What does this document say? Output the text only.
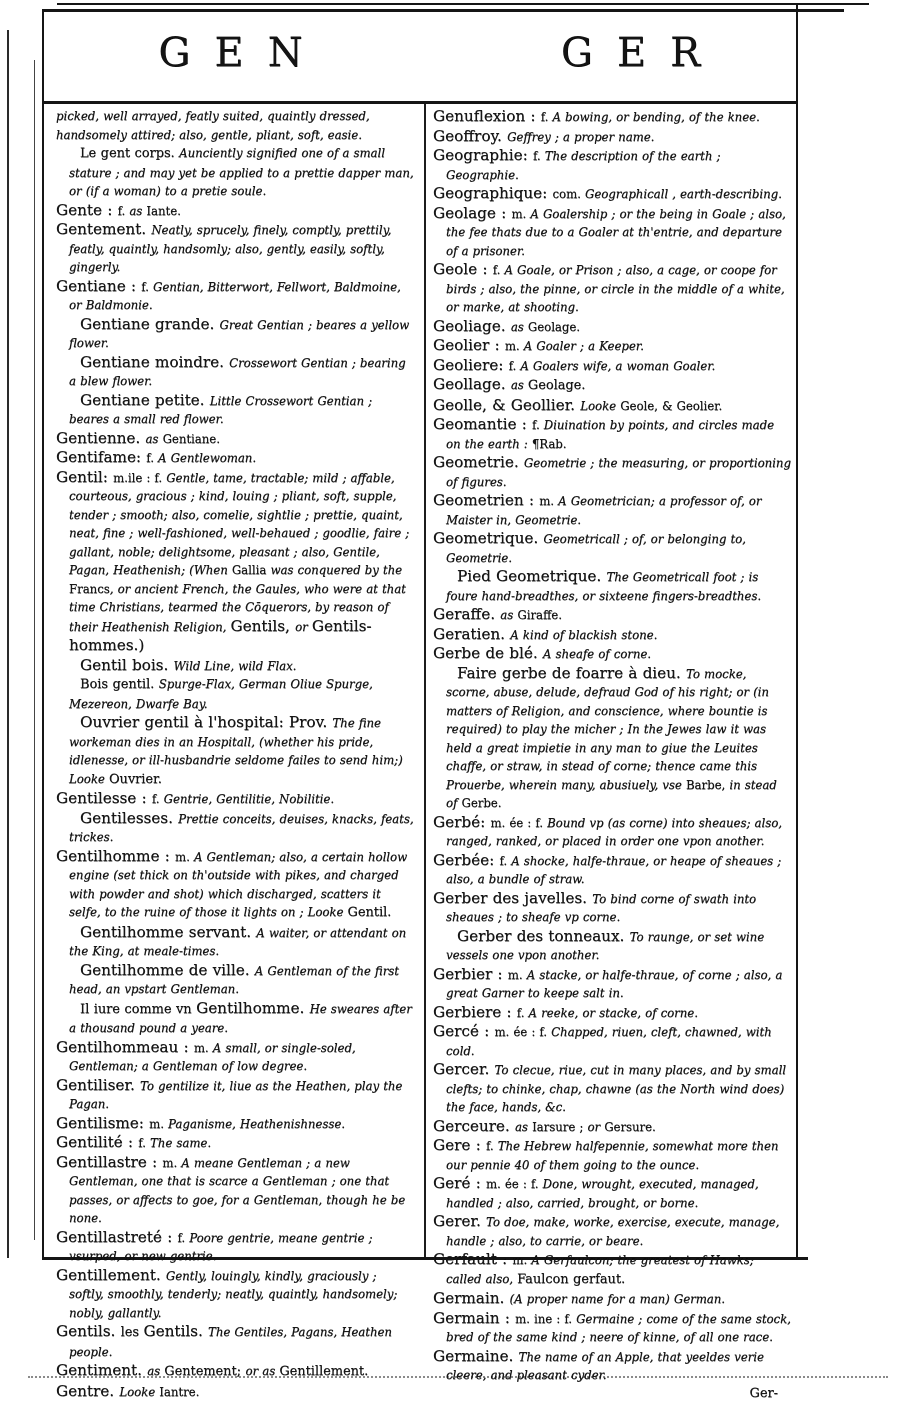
GEN	GER

picked, well arrayed, featly suited, quaintly dressed, handsomely attired; also, gentle, pliant, soft, easie.

Le gent corps. Aunciently signified one of a small stature ; and may yet be applied to a prettie dapper man, or (if a woman) to a pretie soule.

Gente : f. as Iante.

Gentement. Neatly, sprucely, finely, comptly, prettily, featly, quaintly, handsomly; also, gently, easily, softly, gingerly.

Gentiane : f. Gentian, Bitterwort, Fellwort, Baldmoine, or Baldmonie.

Gentiane grande. Great Gentian ; beares a yellow flower.

Gentiane moindre. Crossewort Gentian ; bearing a blew flower.

Gentiane petite. Little Crossewort Gentian ; beares a small red flower.

Gentienne. as Gentiane.

Gentifame: f. A Gentlewoman.

Gentil: m.ile : f. Gentle, tame, tractable; mild ; affable, courteous, gracious ; kind, louing ; pliant, soft, supple, tender ; smooth; also, comelie, sightlie ; prettie, quaint, neat, fine ; well-fashioned, well-behaued ; goodlie, faire ; gallant, noble; delightsome, pleasant ; also, Gentile, Pagan, Heathenish; (When Gallia was conquered by the Francs, or ancient French, the Gaules, who were at that time Christians, tearmed the Cōquerors, by reason of their Heathenish Religion, Gentils, or Gentils-hommes.)

Gentil bois. Wild Line, wild Flax.

Bois gentil. Spurge-Flax, German Oliue Spurge, Mezereon, Dwarfe Bay.

Ouvrier gentil à l'hospital: Prov. The fine workeman dies in an Hospitall, (whether his pride, idlenesse, or ill-husbandrie seldome failes to send him;) Looke Ouvrier.

Gentilesse : f. Gentrie, Gentilitie, Nobilitie.

Gentilesses. Prettie conceits, deuises, knacks, feats, trickes.

Gentilhomme : m. A Gentleman; also, a certain hollow engine (set thick on th'outside with pikes, and charged with powder and shot) which discharged, scatters it selfe, to the ruine of those it lights on ; Looke Gentil.

Gentilhomme servant. A waiter, or attendant on the King, at meale-times.

Gentilhomme de ville. A Gentleman of the first head, an vpstart Gentleman.

Il iure comme vn Gentilhomme. He sweares after a thousand pound a yeare.

Gentilhommeau : m. A small, or single-soled, Gentleman; a Gentleman of low degree.

Gentiliser. To gentilize it, liue as the Heathen, play the Pagan.

Gentilisme: m. Paganisme, Heathenishnesse.

Gentilité : f. The same.

Gentillastre : m. A meane Gentleman ; a new Gentleman, one that is scarce a Gentleman ; one that passes, or affects to goe, for a Gentleman, though he be none.

Gentillastreté : f. Poore gentrie, meane gentrie ; vsurped, or new gentrie.

Gentillement. Gently, louingly, kindly, graciously ; softly, smoothly, tenderly; neatly, quaintly, handsomely; nobly, gallantly.

Gentils. les Gentils. The Gentiles, Pagans, Heathen people.

Gentiment. as Gentement; or as Gentillement.

Gentre. Looke Iantre.

Genuflexion : f. A bowing, or bending, of the knee.

Geoffroy. Geffrey ; a proper name.

Geographie: f. The description of the earth ; Geographie.

Geographique: com. Geographicall , earth-describing.

Geolage : m. A Goalership ; or the being in Goale ; also, the fee thats due to a Goaler at th'entrie, and departure of a prisoner.

Geole : f. A Goale, or Prison ; also, a cage, or coope for birds ; also, the pinne, or circle in the middle of a white, or marke, at shooting.

Geoliage. as Geolage.

Geolier : m. A Goaler ; a Keeper.

Geoliere: f. A Goalers wife, a woman Goaler.

Geollage. as Geolage.

Geolle, & Geollier. Looke Geole, & Geolier.

Geomantie : f. Diuination by points, and circles made on the earth : ¶Rab.

Geometrie. Geometrie ; the measuring, or proportioning of figures.

Geometrien : m. A Geometrician; a professor of, or Maister in, Geometrie.

Geometrique. Geometricall ; of, or belonging to, Geometrie.

Pied Geometrique. The Geometricall foot ; is foure hand-breadthes, or sixteene fingers-breadthes.

Geraffe. as Giraffe.

Geratien. A kind of blackish stone.

Gerbe de blé. A sheafe of corne.

Faire gerbe de foarre à dieu. To mocke, scorne, abuse, delude, defraud God of his right; or (in matters of Religion, and conscience, where bountie is required) to play the micher ; In the Jewes law it was held a great impietie in any man to giue the Leuites chaffe, or straw, in stead of corne; thence came this Prouerbe, wherein many, abusiuely, vse Barbe, in stead of Gerbe.

Gerbé: m. ée : f. Bound vp (as corne) into sheaues; also, ranged, ranked, or placed in order one vpon another.

Gerbée: f. A shocke, halfe-thraue, or heape of sheaues ; also, a bundle of straw.

Gerber des javelles. To bind corne of swath into sheaues ; to sheafe vp corne.

Gerber des tonneaux. To raunge, or set wine vessels one vpon another.

Gerbier : m. A stacke, or halfe-thraue, of corne ; also, a great Garner to keepe salt in.

Gerbiere : f. A reeke, or stacke, of corne.

Gercé : m. ée : f. Chapped, riuen, cleft, chawned, with cold.

Gercer. To clecue, riue, cut in many places, and by small clefts; to chinke, chap, chawne (as the North wind does) the face, hands, &c.

Gerceure. as Iarsure ; or Gersure.

Gere : f. The Hebrew halfepennie, somewhat more then our pennie 40 of them going to the ounce.

Geré : m. ée : f. Done, wrought, executed, managed, handled ; also, carried, brought, or borne.

Gerer. To doe, make, worke, exercise, execute, manage, handle ; also, to carrie, or beare.

Gerfault : m. A Gerfaulcon; the greatest of Hawks; called also, Faulcon gerfaut.

Germain. (A proper name for a man) German.

Germain : m. ine : f. Germaine ; come of the same stock, bred of the same kind ; neere of kinne, of all one race.

Germaine. The name of an Apple, that yeeldes verie cleere, and pleasant cyder.

Ger-
